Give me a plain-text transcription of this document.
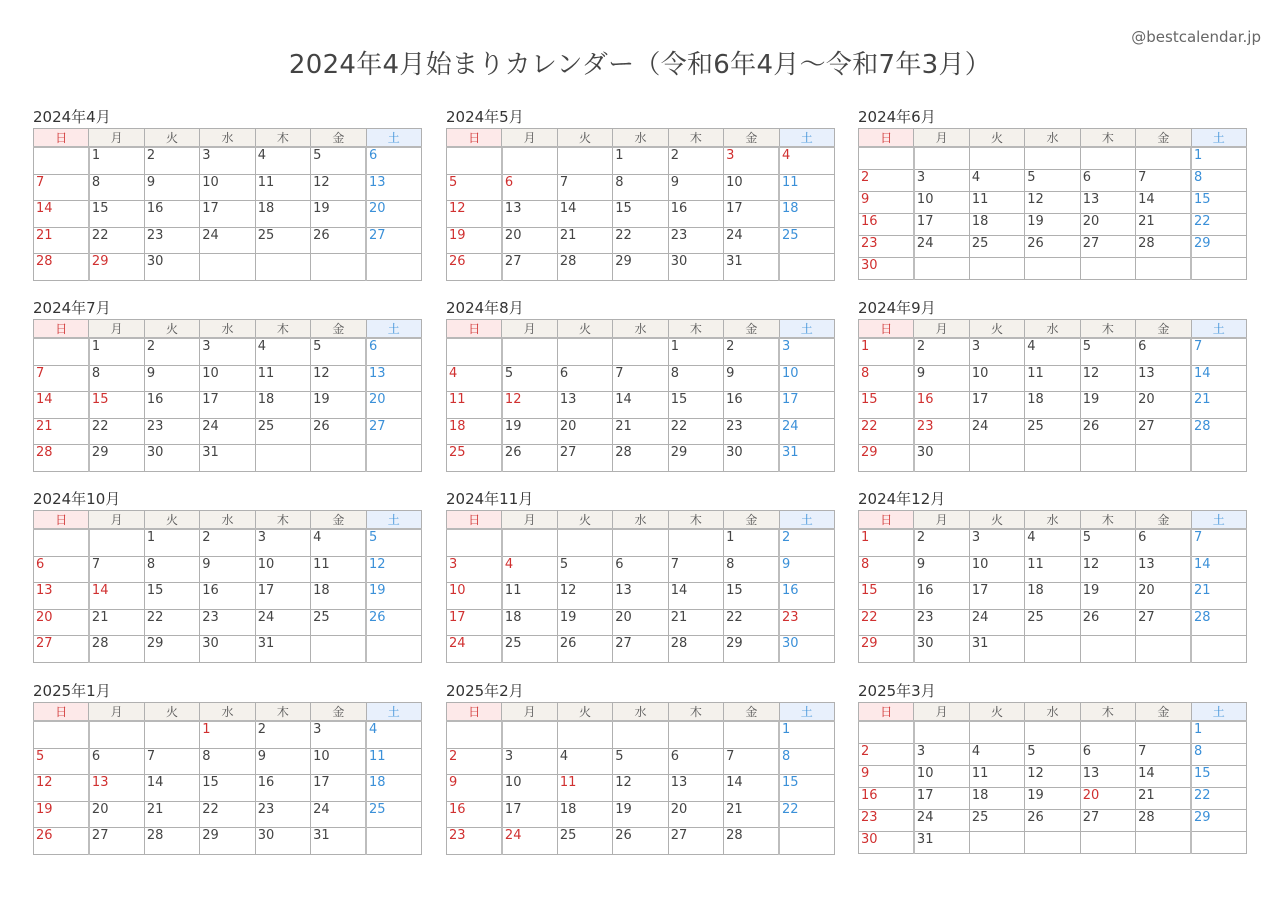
2024年4月始まりカレンダー（令和6年4月〜令和7年3月）
@bestcalendar.jp
2024年4月
日	月	火	水	木	金	土
	1	2	3	4	5	6
7	8	9	10	11	12	13
14	15	16	17	18	19	20
21	22	23	24	25	26	27
28	29	30				
2024年5月
日	月	火	水	木	金	土
			1	2	3	4
5	6	7	8	9	10	11
12	13	14	15	16	17	18
19	20	21	22	23	24	25
26	27	28	29	30	31	
2024年6月
日	月	火	水	木	金	土
						1
2	3	4	5	6	7	8
9	10	11	12	13	14	15
16	17	18	19	20	21	22
23	24	25	26	27	28	29
30						
2024年7月
日	月	火	水	木	金	土
	1	2	3	4	5	6
7	8	9	10	11	12	13
14	15	16	17	18	19	20
21	22	23	24	25	26	27
28	29	30	31			
2024年8月
日	月	火	水	木	金	土
				1	2	3
4	5	6	7	8	9	10
11	12	13	14	15	16	17
18	19	20	21	22	23	24
25	26	27	28	29	30	31
2024年9月
日	月	火	水	木	金	土
1	2	3	4	5	6	7
8	9	10	11	12	13	14
15	16	17	18	19	20	21
22	23	24	25	26	27	28
29	30					
2024年10月
日	月	火	水	木	金	土
		1	2	3	4	5
6	7	8	9	10	11	12
13	14	15	16	17	18	19
20	21	22	23	24	25	26
27	28	29	30	31		
2024年11月
日	月	火	水	木	金	土
					1	2
3	4	5	6	7	8	9
10	11	12	13	14	15	16
17	18	19	20	21	22	23
24	25	26	27	28	29	30
2024年12月
日	月	火	水	木	金	土
1	2	3	4	5	6	7
8	9	10	11	12	13	14
15	16	17	18	19	20	21
22	23	24	25	26	27	28
29	30	31				
2025年1月
日	月	火	水	木	金	土
			1	2	3	4
5	6	7	8	9	10	11
12	13	14	15	16	17	18
19	20	21	22	23	24	25
26	27	28	29	30	31	
2025年2月
日	月	火	水	木	金	土
						1
2	3	4	5	6	7	8
9	10	11	12	13	14	15
16	17	18	19	20	21	22
23	24	25	26	27	28	
2025年3月
日	月	火	水	木	金	土
						1
2	3	4	5	6	7	8
9	10	11	12	13	14	15
16	17	18	19	20	21	22
23	24	25	26	27	28	29
30	31					
